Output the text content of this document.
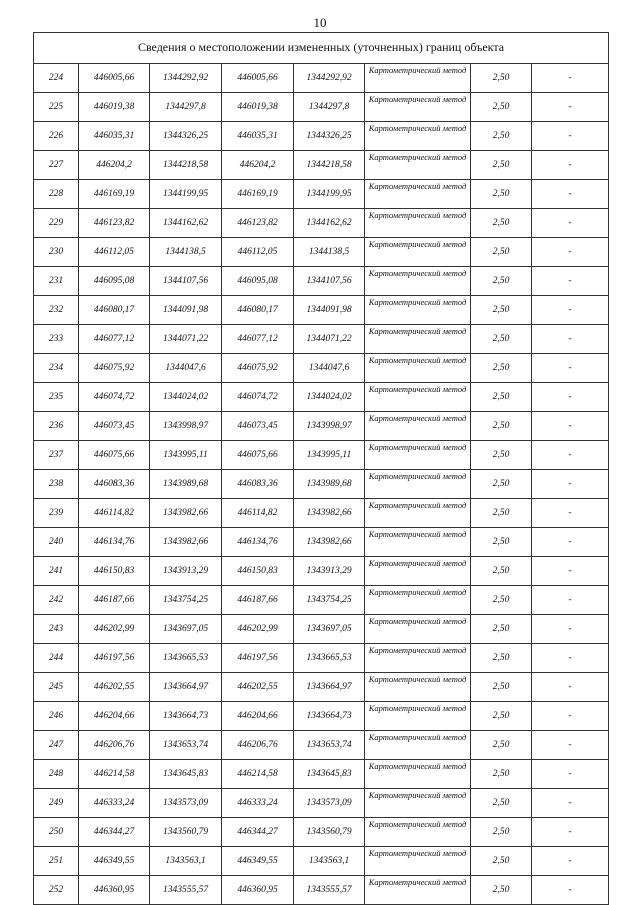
10
Сведения о местоположении измененных (уточненных) границ объекта							
224	446005,66	1344292,92	446005,66	1344292,92	Картометрический метод	2,50	-
225	446019,38	1344297,8	446019,38	1344297,8	Картометрический метод	2,50	-
226	446035,31	1344326,25	446035,31	1344326,25	Картометрический метод	2,50	-
227	446204,2	1344218,58	446204,2	1344218,58	Картометрический метод	2,50	-
228	446169,19	1344199,95	446169,19	1344199,95	Картометрический метод	2,50	-
229	446123,82	1344162,62	446123,82	1344162,62	Картометрический метод	2,50	-
230	446112,05	1344138,5	446112,05	1344138,5	Картометрический метод	2,50	-
231	446095,08	1344107,56	446095,08	1344107,56	Картометрический метод	2,50	-
232	446080,17	1344091,98	446080,17	1344091,98	Картометрический метод	2,50	-
233	446077,12	1344071,22	446077,12	1344071,22	Картометрический метод	2,50	-
234	446075,92	1344047,6	446075,92	1344047,6	Картометрический метод	2,50	-
235	446074,72	1344024,02	446074,72	1344024,02	Картометрический метод	2,50	-
236	446073,45	1343998,97	446073,45	1343998,97	Картометрический метод	2,50	-
237	446075,66	1343995,11	446075,66	1343995,11	Картометрический метод	2,50	-
238	446083,36	1343989,68	446083,36	1343989,68	Картометрический метод	2,50	-
239	446114,82	1343982,66	446114,82	1343982,66	Картометрический метод	2,50	-
240	446134,76	1343982,66	446134,76	1343982,66	Картометрический метод	2,50	-
241	446150,83	1343913,29	446150,83	1343913,29	Картометрический метод	2,50	-
242	446187,66	1343754,25	446187,66	1343754,25	Картометрический метод	2,50	-
243	446202,99	1343697,05	446202,99	1343697,05	Картометрический метод	2,50	-
244	446197,56	1343665,53	446197,56	1343665,53	Картометрический метод	2,50	-
245	446202,55	1343664,97	446202,55	1343664,97	Картометрический метод	2,50	-
246	446204,66	1343664,73	446204,66	1343664,73	Картометрический метод	2,50	-
247	446206,76	1343653,74	446206,76	1343653,74	Картометрический метод	2,50	-
248	446214,58	1343645,83	446214,58	1343645,83	Картометрический метод	2,50	-
249	446333,24	1343573,09	446333,24	1343573,09	Картометрический метод	2,50	-
250	446344,27	1343560,79	446344,27	1343560,79	Картометрический метод	2,50	-
251	446349,55	1343563,1	446349,55	1343563,1	Картометрический метод	2,50	-
252	446360,95	1343555,57	446360,95	1343555,57	Картометрический метод	2,50	-
